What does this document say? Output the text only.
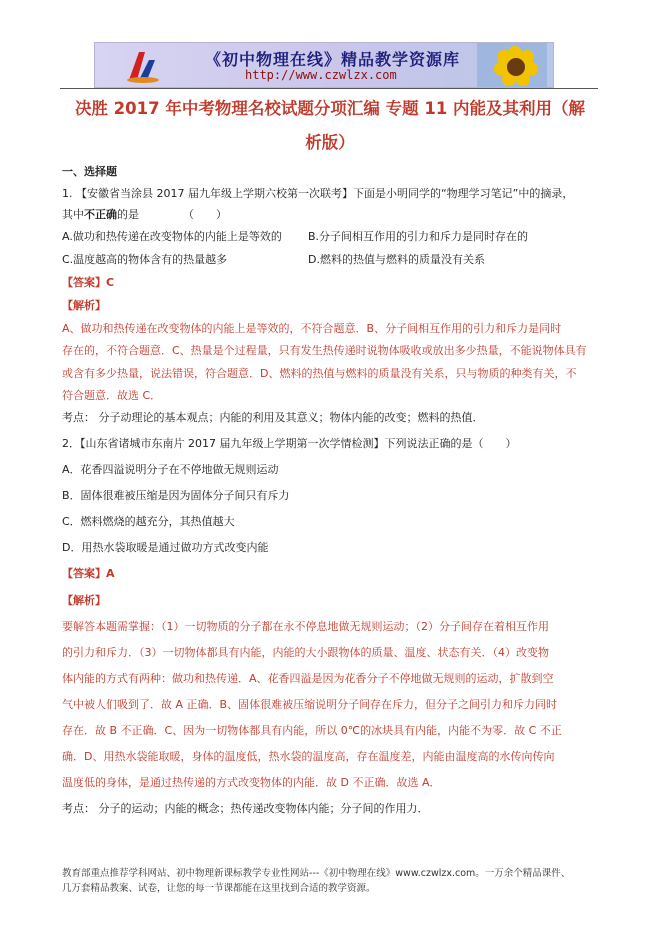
《初中物理在线》精品教学资源库
http://www.czwlzx.com
决胜 2017 年中考物理名校试题分项汇编 专题 11 内能及其利用（解
析版）
一、选择题
1. 【安徽省当涂县 2017 届九年级上学期六校第一次联考】下面是小明同学的“物理学习笔记”中的摘录，
其中不正确的是	（　　）
A.做功和热传递在改变物体的内能上是等效的 B.分子间相互作用的引力和斥力是同时存在的
C.温度越高的物体含有的热量越多	D.燃料的热值与燃料的质量没有关系
【答案】C
【解析】
A、做功和热传递在改变物体的内能上是等效的，不符合题意．B、分子间相互作用的引力和斥力是同时
存在的，不符合题意．C、热量是个过程量，只有发生热传递时说物体吸收或放出多少热量，不能说物体具有
或含有多少热量，说法错误，符合题意．D、燃料的热值与燃料的质量没有关系，只与物质的种类有关，不
符合题意．故选 C．
考点： 分子动理论的基本观点；内能的利用及其意义；物体内能的改变；燃料的热值．
2．【山东省诸城市东南片 2017 届九年级上学期第一次学情检测】下列说法正确的是（　　）
A．花香四溢说明分子在不停地做无规则运动
B．固体很难被压缩是因为固体分子间只有斥力
C．燃料燃烧的越充分，其热值越大
D．用热水袋取暖是通过做功方式改变内能
【答案】A
【解析】
要解答本题需掌握：（1）一切物质的分子都在永不停息地做无规则运动；（2）分子间存在着相互作用
的引力和斥力．（3）一切物体都具有内能，内能的大小跟物体的质量、温度、状态有关．（4）改变物
体内能的方式有两种：做功和热传递．A、花香四溢是因为花香分子不停地做无规则的运动，扩散到空
气中被人们吸到了．故 A 正确．B、固体很难被压缩说明分子间存在斥力，但分子之间引力和斥力同时
存在．故 B 不正确．C、因为一切物体都具有内能，所以 0℃的冰块具有内能，内能不为零．故 C 不正
确．D、用热水袋能取暖，身体的温度低，热水袋的温度高，存在温度差，内能由温度高的水传向传向
温度低的身体，是通过热传递的方式改变物体的内能．故 D 不正确．故选 A．
考点： 分子的运动；内能的概念；热传递改变物体内能；分子间的作用力．
教育部重点推荐学科网站、初中物理新课标教学专业性网站---《初中物理在线》www.czwlzx.com。一万余个精品课件、
几万套精品教案、试卷，让您的每一节课都能在这里找到合适的教学资源。
